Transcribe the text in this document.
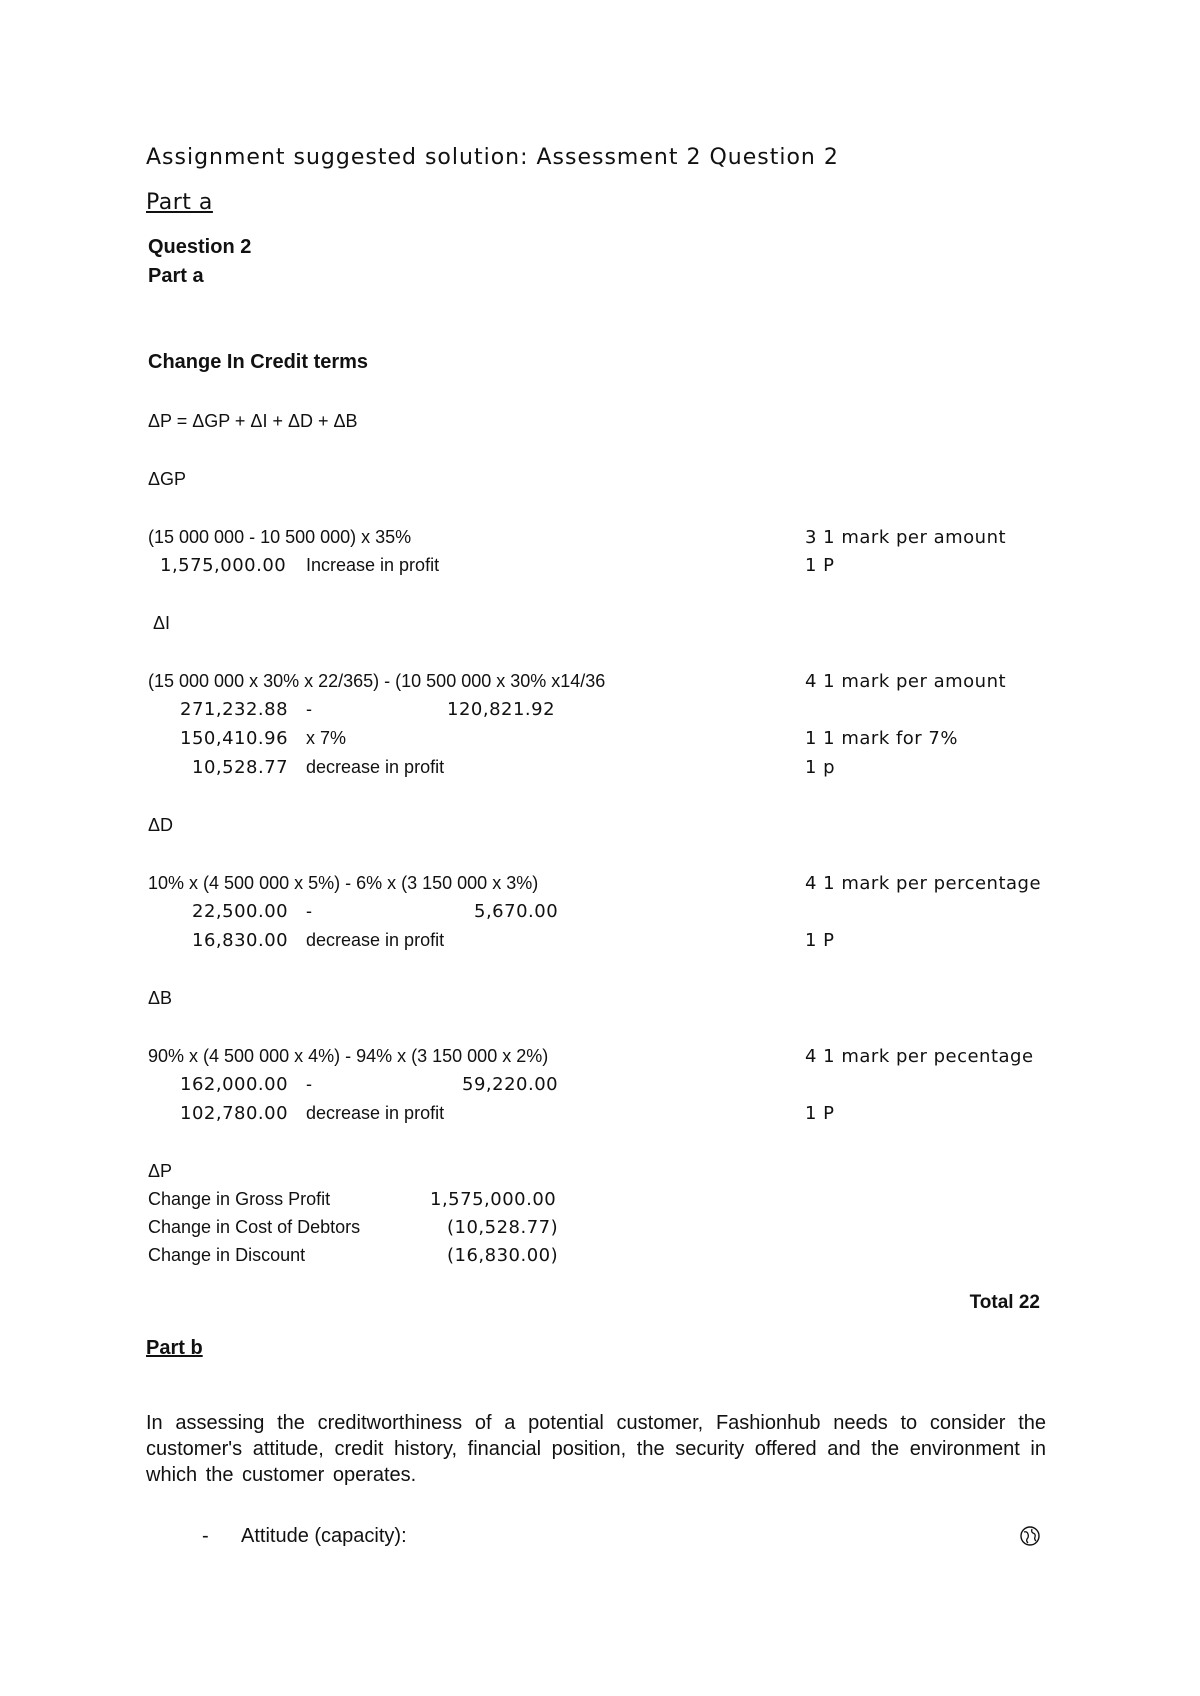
Assignment suggested solution: Assessment 2 Question 2
Part a
Question 2
Part a
Change In Credit terms
ΔP = ΔGP + ΔI + ΔD + ΔB
ΔGP
(15 000 000 - 10 500 000) x 35%	3 1 mark per amount
1,575,000.00 Increase in profit	1 P
ΔI
(15 000 000 x 30% x 22/365) - (10 500 000 x 30% x14/36	4 1 mark per amount
271,232.88 -	120,821.92
150,410.96 x 7%	1 1 mark for 7%
10,528.77 decrease in profit	1 p
ΔD
10% x (4 500 000 x 5%) - 6% x (3 150 000 x 3%)	4 1 mark per percentage
22,500.00 -	5,670.00
16,830.00 decrease in profit	1 P
ΔB
90% x (4 500 000 x 4%) - 94% x (3 150 000 x 2%)	4 1 mark per pecentage
162,000.00 -	59,220.00
102,780.00 decrease in profit	1 P
ΔP
Change in Gross Profit	1,575,000.00
Change in Cost of Debtors	(10,528.77)
Change in Discount	(16,830.00)
Total 22
Part b
In assessing the creditworthiness of a potential customer, Fashionhub needs to consider the customer's attitude, credit history, financial position, the security offered and the environment in which the customer operates.
- Attitude (capacity):
